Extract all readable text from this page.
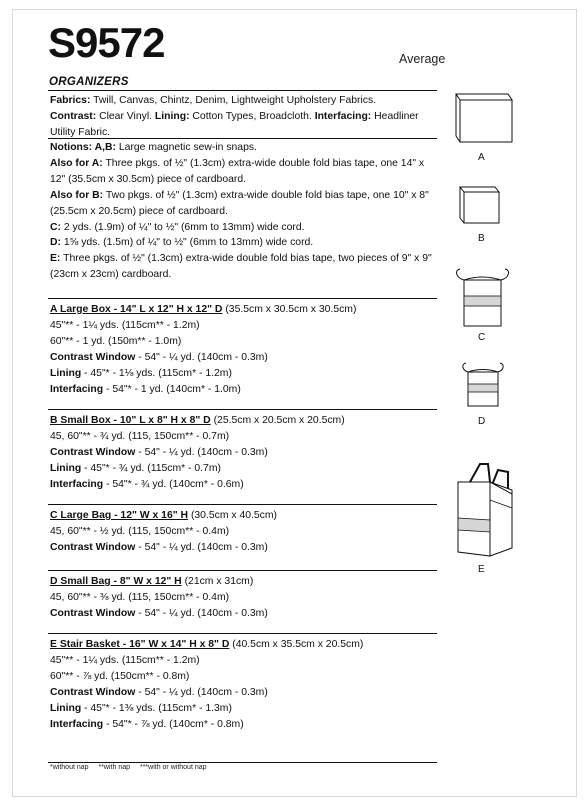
S9572	Average
ORGANIZERS

Fabrics: Twill, Canvas, Chintz, Denim, Lightweight Upholstery Fabrics.

Contrast: Clear Vinyl. Lining: Cotton Types, Broadcloth. Interfacing: Headliner Utility Fabric.

Notions: A,B: Large magnetic sew-in snaps.

Also for A: Three pkgs. of ½" (1.3cm) extra-wide double fold bias tape, one 14" x 12" (35.5cm x 30.5cm) piece of cardboard.

Also for B: Two pkgs. of ½" (1.3cm) extra-wide double fold bias tape, one 10" x 8" (25.5cm x 20.5cm) piece of cardboard.

C: 2 yds. (1.9m) of ¼" to ½" (6mm to 13mm) wide cord.

D: 1⅝ yds. (1.5m) of ¼" to ½" (6mm to 13mm) wide cord.

E: Three pkgs. of ½" (1.3cm) extra-wide double fold bias tape, two pieces of 9" x 9" (23cm x 23cm) cardboard.

A Large Box - 14" L x 12" H x 12" D (35.5cm x 30.5cm x 30.5cm)

45"** - 1¼ yds. (115cm** - 1.2m)

60"** - 1 yd. (150m** - 1.0m)

Contrast Window - 54" - ¼ yd. (140cm - 0.3m)

Lining - 45"* - 1⅛ yds. (115cm* - 1.2m)

Interfacing - 54"* - 1 yd. (140cm* - 1.0m)

B Small Box - 10" L x 8" H x 8" D (25.5cm x 20.5cm x 20.5cm)

45, 60"** - ¾ yd. (115, 150cm** - 0.7m)

Contrast Window - 54" - ¼ yd. (140cm - 0.3m)

Lining - 45"* - ¾ yd. (115cm* - 0.7m)

Interfacing - 54"* - ¾ yd. (140cm* - 0.6m)

C Large Bag - 12" W x 16" H (30.5cm x 40.5cm)

45, 60"** - ½ yd. (115, 150cm** - 0.4m)

Contrast Window - 54" - ¼ yd. (140cm - 0.3m)

D Small Bag - 8" W x 12" H (21cm x 31cm)

45, 60"** - ⅜ yd. (115, 150cm** - 0.4m)

Contrast Window - 54" - ¼ yd. (140cm - 0.3m)

E Stair Basket - 16" W x 14" H x 8" D (40.5cm x 35.5cm x 20.5cm)

45"** - 1¼ yds. (115cm** - 1.2m)

60"** - ⅞ yd. (150cm** - 0.8m)

Contrast Window - 54" - ¼ yd. (140cm - 0.3m)

Lining - 45"* - 1⅜ yds. (115cm* - 1.3m)

Interfacing - 54"* - ⅞ yd. (140cm* - 0.8m)

*without nap **with nap ***with or without nap
A
B
C
D
E
